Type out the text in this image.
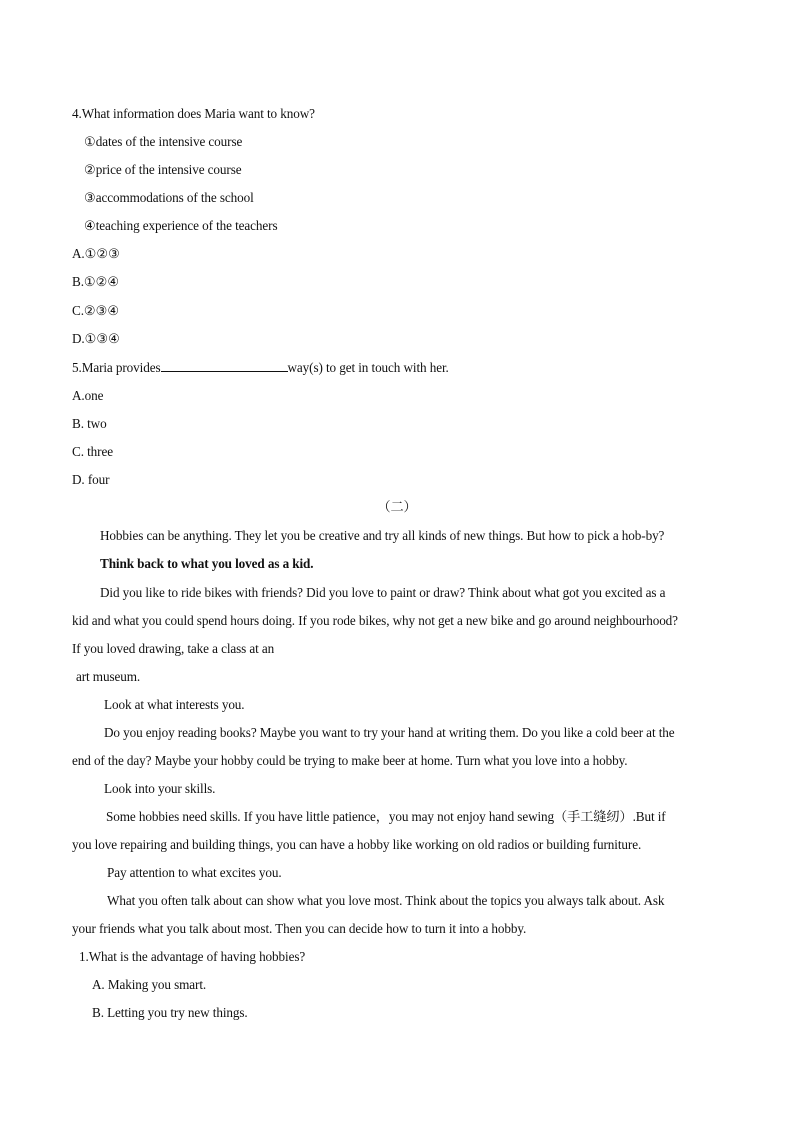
4.What information does Maria want to know?
①dates of the intensive course
②price of the intensive course
③accommodations of the school
④teaching experience of the teachers
A.①②③
B.①②④
C.②③④
D.①③④
5.Maria provides	way(s) to get in touch with her.
A.one
B. two
C. three
D. four
（二）
Hobbies can be anything. They let you be creative and try all kinds of new things. But how to pick a hob-by?
Think back to what you loved as a kid.
Did you like to ride bikes with friends? Did you love to paint or draw? Think about what got you excited as a
kid and what you could spend hours doing. If you rode bikes, why not get a new bike and go around neighbourhood?
If you loved drawing, take a class at an
art museum.
Look at what interests you.
Do you enjoy reading books? Maybe you want to try your hand at writing them. Do you like a cold beer at the
end of the day? Maybe your hobby could be trying to make beer at home. Turn what you love into a hobby.
Look into your skills.
Some hobbies need skills. If you have little patience，you may not enjoy hand sewing（手工缝纫）.But if
you love repairing and building things, you can have a hobby like working on old radios or building furniture.
Pay attention to what excites you.
What you often talk about can show what you love most. Think about the topics you always talk about. Ask
your friends what you talk about most. Then you can decide how to turn it into a hobby.
1.What is the advantage of having hobbies?
A. Making you smart.
B. Letting you try new things.
